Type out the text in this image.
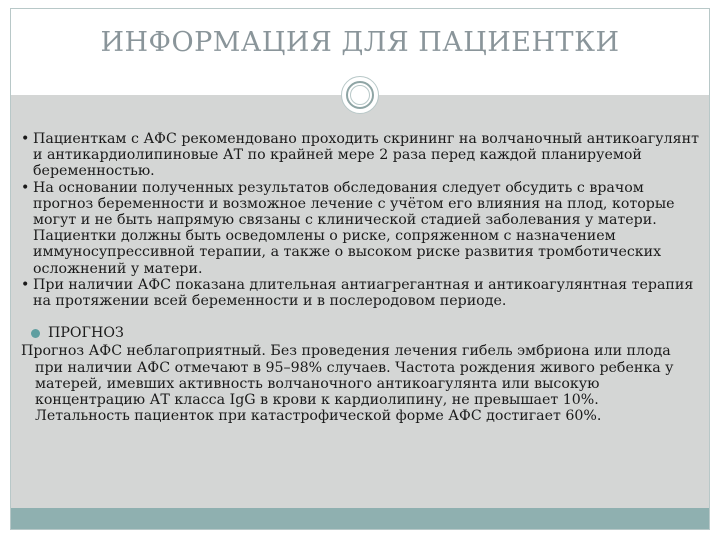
ИНФОРМАЦИЯ ДЛЯ ПАЦИЕНТКИ

• Пациенткам с АФС рекомендовано проходить скрининг на волчаночный антикоагулянт и антикардиолипиновые АТ по крайней мере 2 раза перед каждой планируемой беременностью.

• На основании полученных результатов обследования следует обсудить с врачом прогноз беременности и возможное лечение с учётом его влияния на плод, которые могут и не быть напрямую связаны с клинической стадией заболевания у матери. Пациентки должны быть осведомлены о риске, сопряженном с назначением иммуносупрессивной терапии, а также о высоком риске развития тромботических осложнений у матери.

• При наличии АФС показана длительная антиагрегантная и антикоагулянтная терапия на протяжении всей беременности и в послеродовом периоде.

ПРОГНОЗ

Прогноз АФС неблагоприятный. Без проведения лечения гибель эмбриона или плода при наличии АФС отмечают в 95–98% случаев. Частота рождения живого ребенка у матерей, имевших активность волчаночного антикоагулянта или высокую концентрацию АТ класса IgG в крови к кардиолипину, не превышает 10%. Летальность пациенток при катастрофической форме АФС достигает 60%.
